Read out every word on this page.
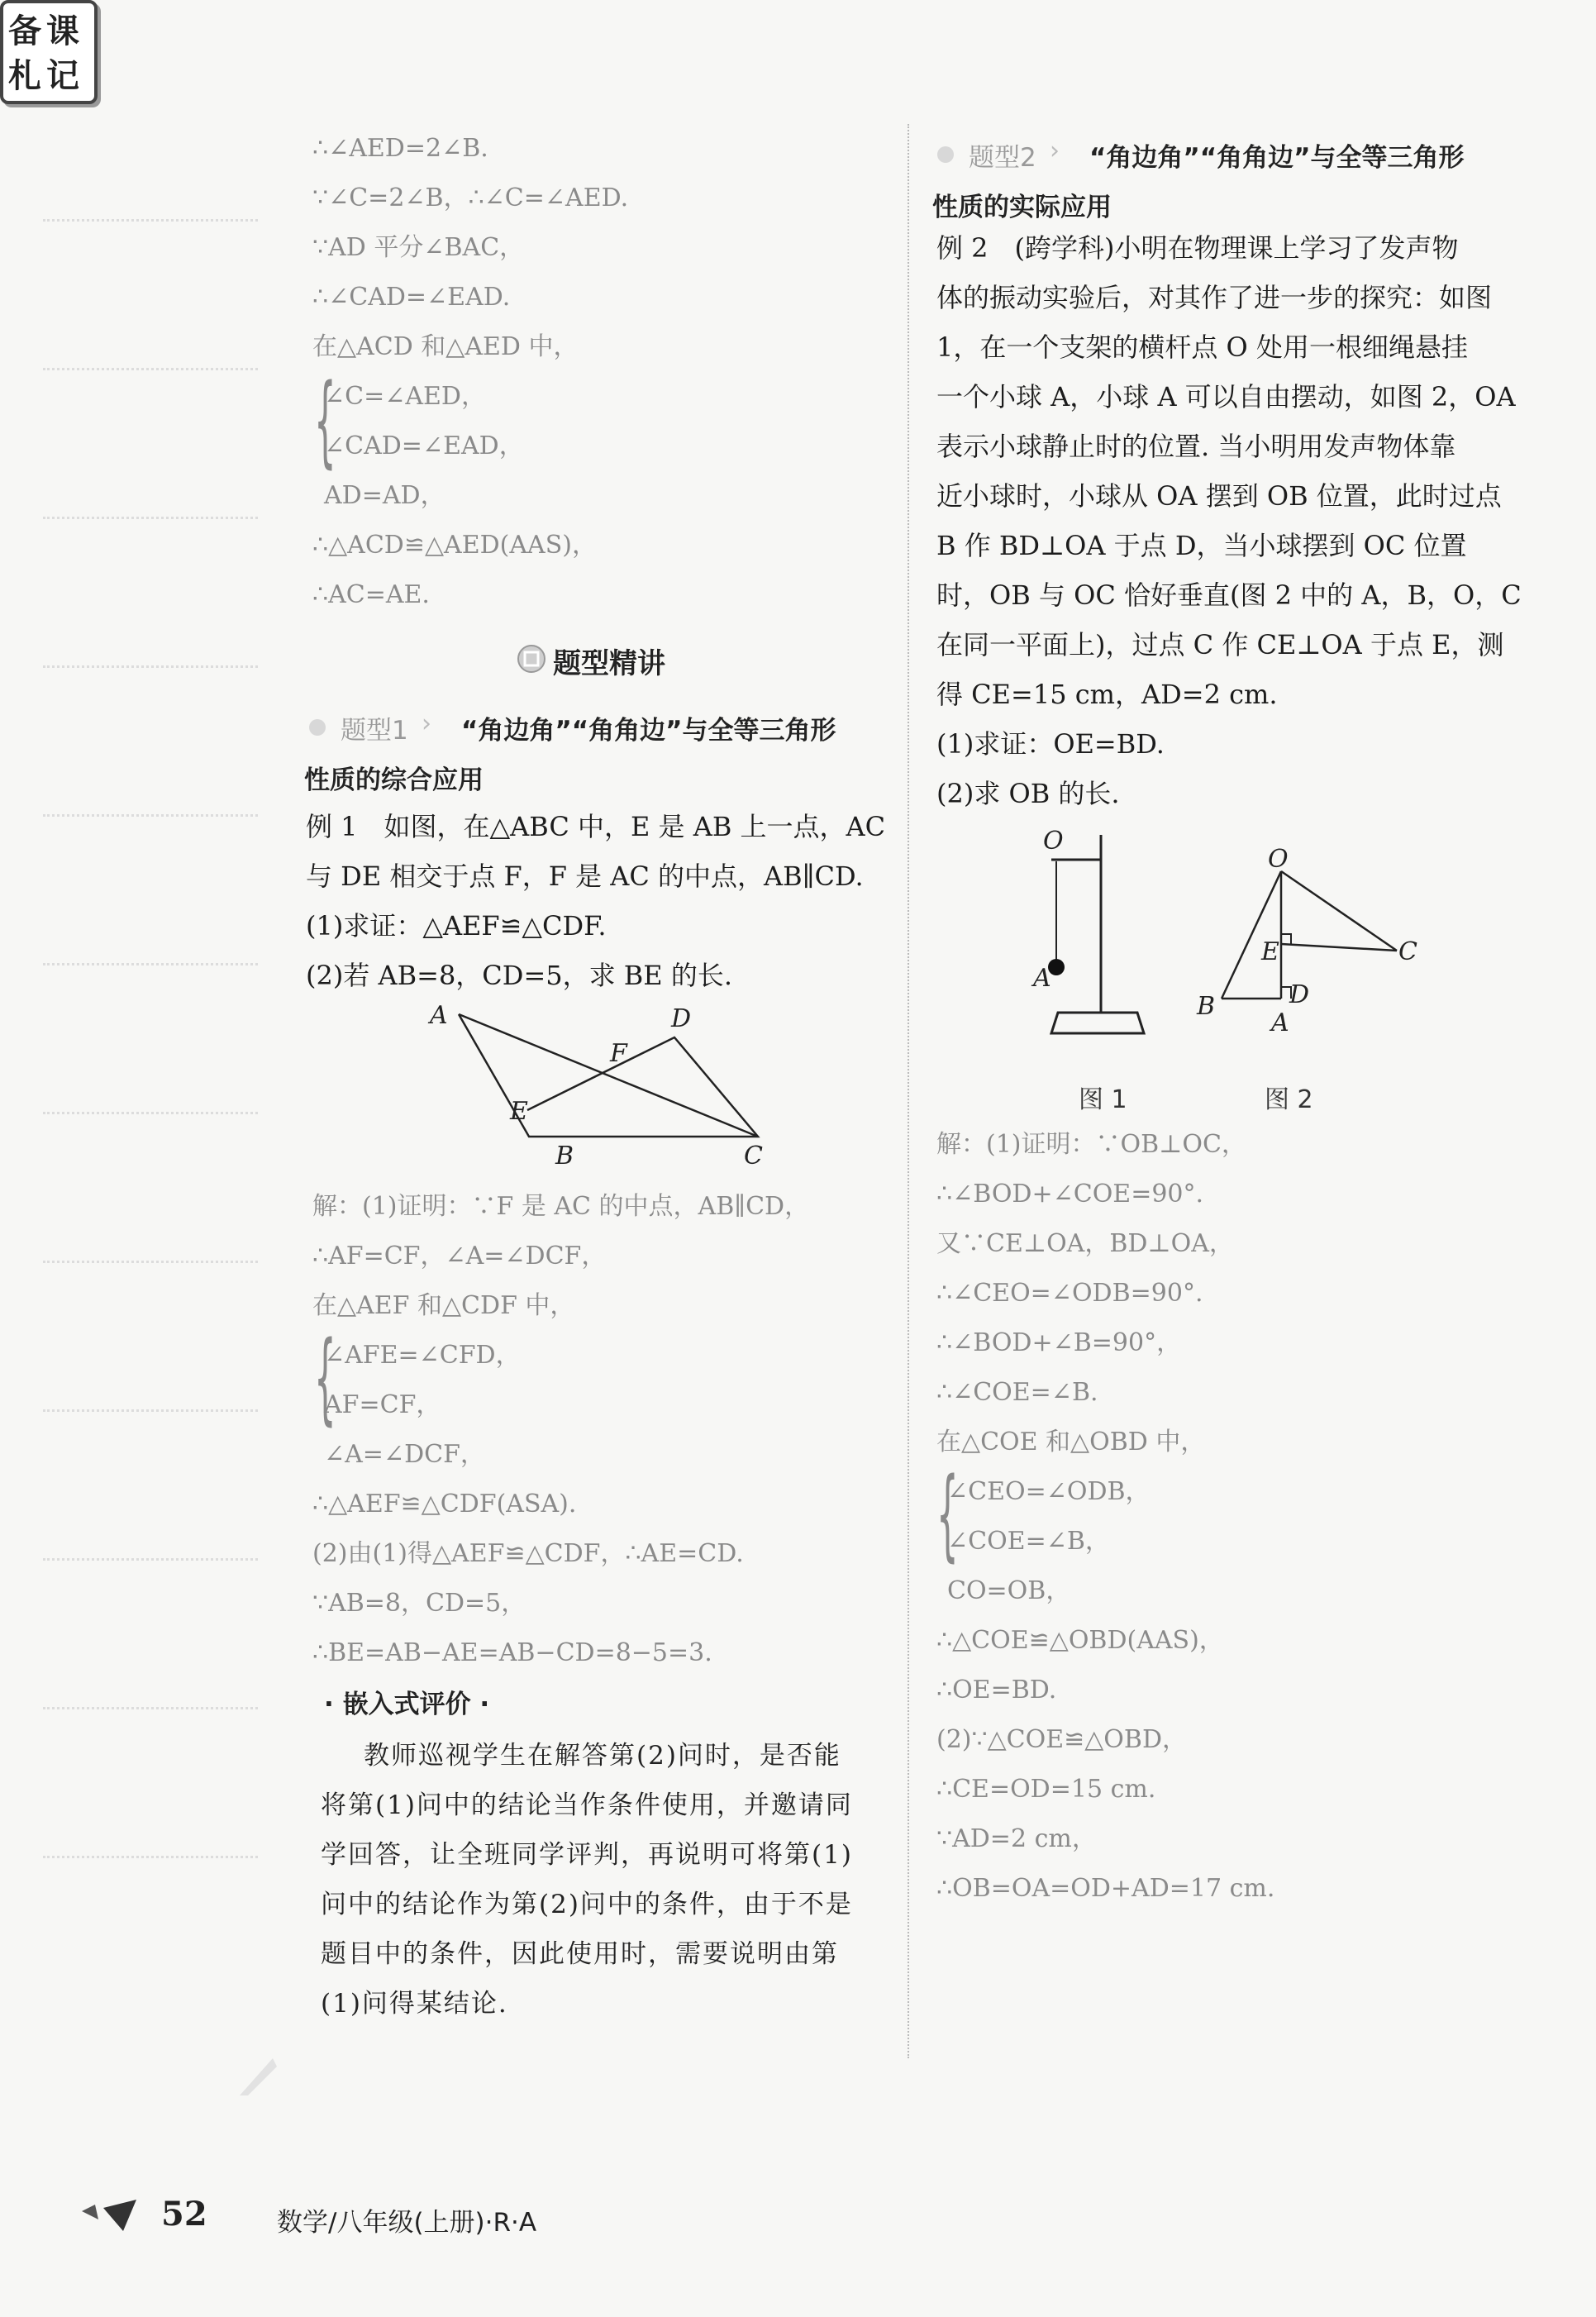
备 课
札 记
∴∠AED=2∠B.
∵∠C=2∠B，∴∠C=∠AED.
∵AD 平分∠BAC，
∴∠CAD=∠EAD.
在△ACD 和△AED 中，
{
∠C=∠AED，
∠CAD=∠EAD，
AD=AD，
∴△ACD≌△AED(AAS)，
∴AC=AE.
题型精讲
题型1 › “角边角”“角角边”与全等三角形
性质的综合应用
例 1　如图，在△ABC 中，E 是 AB 上一点，AC
与 DE 相交于点 F，F 是 AC 的中点，AB∥CD.
(1)求证：△AEF≌△CDF.
(2)若 AB=8，CD=5，求 BE 的长.
A	D
F
E
B	C
解：(1)证明：∵F 是 AC 的中点，AB∥CD，
∴AF=CF，∠A=∠DCF，
在△AEF 和△CDF 中，
{
∠AFE=∠CFD，
AF=CF，
∠A=∠DCF，
∴△AEF≌△CDF(ASA).
(2)由(1)得△AEF≌△CDF，∴AE=CD.
∵AB=8，CD=5，
∴BE=AB−AE=AB−CD=8−5=3.
· 嵌入式评价 ·
教师巡视学生在解答第(2)问时，是否能
将第(1)问中的结论当作条件使用，并邀请同
学回答，让全班同学评判，再说明可将第(1)
问中的结论作为第(2)问中的条件，由于不是
题目中的条件，因此使用时，需要说明由第
(1)问得某结论.
题型2 › “角边角”“角角边”与全等三角形
性质的实际应用
例 2　(跨学科)小明在物理课上学习了发声物
体的振动实验后，对其作了进一步的探究：如图
1，在一个支架的横杆点 O 处用一根细绳悬挂
一个小球 A，小球 A 可以自由摆动，如图 2，OA
表示小球静止时的位置. 当小明用发声物体靠
近小球时，小球从 OA 摆到 OB 位置，此时过点
B 作 BD⊥OA 于点 D，当小球摆到 OC 位置
时，OB 与 OC 恰好垂直(图 2 中的 A，B，O，C
在同一平面上)，过点 C 作 CE⊥OA 于点 E，测
得 CE=15 cm，AD=2 cm.
(1)求证：OE=BD.
(2)求 OB 的长.
O
A
O
C
E
D
B
A
图 1	图 2
解：(1)证明：∵OB⊥OC，
∴∠BOD+∠COE=90°.
又∵CE⊥OA，BD⊥OA，
∴∠CEO=∠ODB=90°.
∴∠BOD+∠B=90°，
∴∠COE=∠B.
在△COE 和△OBD 中，
{
∠CEO=∠ODB，
∠COE=∠B，
CO=OB，
∴△COE≌△OBD(AAS)，
∴OE=BD.
(2)∵△COE≌△OBD，
∴CE=OD=15 cm.
∵AD=2 cm，
∴OB=OA=OD+AD=17 cm.
52	数学/八年级(上册)·R·A
